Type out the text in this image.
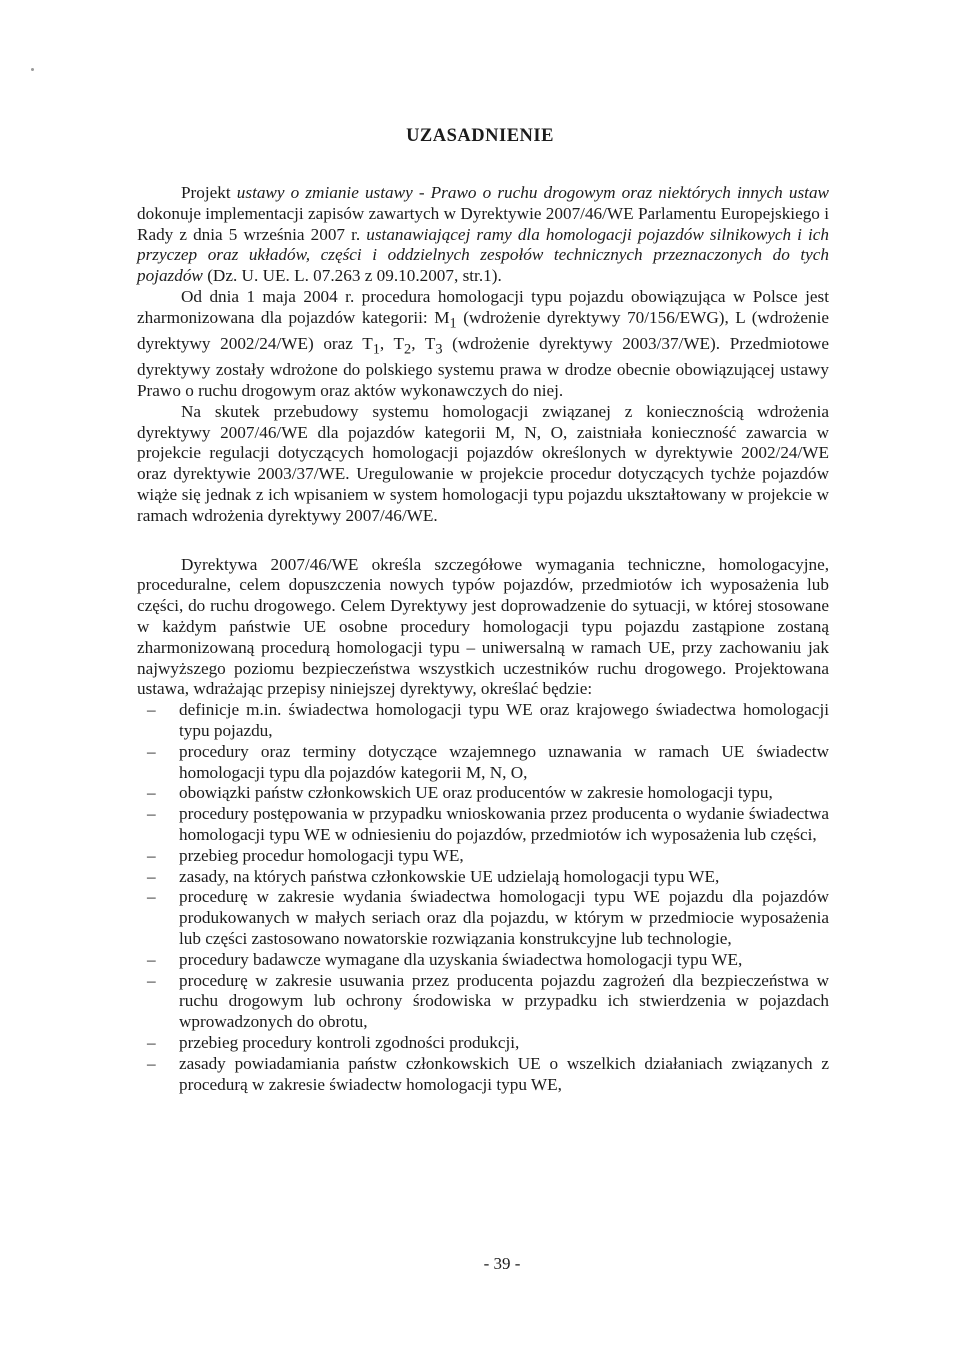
UZASADNIENIE

Projekt ustawy o zmianie ustawy - Prawo o ruchu drogowym oraz niektórych innych ustaw dokonuje implementacji zapisów zawartych w Dyrektywie 2007/46/WE Parlamentu Europejskiego i Rady z dnia 5 września 2007 r. ustanawiającej ramy dla homologacji pojazdów silnikowych i ich przyczep oraz układów, części i oddzielnych zespołów technicznych przeznaczonych do tych pojazdów (Dz. U. UE. L. 07.263 z 09.10.2007, str.1).

Od dnia 1 maja 2004 r. procedura homologacji typu pojazdu obowiązująca w Polsce jest zharmonizowana dla pojazdów kategorii: $M_1$ (wdrożenie dyrektywy 70/156/EWG), L (wdrożenie dyrektywy 2002/24/WE) oraz $T_1$, $T_2$, $T_3$ (wdrożenie dyrektywy 2003/37/WE). Przedmiotowe dyrektywy zostały wdrożone do polskiego systemu prawa w drodze obecnie obowiązującej ustawy Prawo o ruchu drogowym oraz aktów wykonawczych do niej.

Na skutek przebudowy systemu homologacji związanej z koniecznością wdrożenia dyrektywy 2007/46/WE dla pojazdów kategorii M, N, O, zaistniała konieczność zawarcia w projekcie regulacji dotyczących homologacji pojazdów określonych w dyrektywie 2002/24/WE oraz dyrektywie 2003/37/WE. Uregulowanie w projekcie procedur dotyczących tychże pojazdów wiąże się jednak z ich wpisaniem w system homologacji typu pojazdu ukształtowany w projekcie w ramach wdrożenia dyrektywy 2007/46/WE.

Dyrektywa 2007/46/WE określa szczegółowe wymagania techniczne, homologacyjne, proceduralne, celem dopuszczenia nowych typów pojazdów, przedmiotów ich wyposażenia lub części, do ruchu drogowego. Celem Dyrektywy jest doprowadzenie do sytuacji, w której stosowane w każdym państwie UE osobne procedury homologacji typu pojazdu zastąpione zostaną zharmonizowaną procedurą homologacji typu – uniwersalną w ramach UE, przy zachowaniu jak najwyższego poziomu bezpieczeństwa wszystkich uczestników ruchu drogowego. Projektowana ustawa, wdrażając przepisy niniejszej dyrektywy, określać będzie:

– definicje m.in. świadectwa homologacji typu WE oraz krajowego świadectwa homologacji typu pojazdu,
– procedury oraz terminy dotyczące wzajemnego uznawania w ramach UE świadectw homologacji typu dla pojazdów kategorii M, N, O,
– obowiązki państw członkowskich UE oraz producentów w zakresie homologacji typu,
– procedury postępowania w przypadku wnioskowania przez producenta o wydanie świadectwa homologacji typu WE w odniesieniu do pojazdów, przedmiotów ich wyposażenia lub części,
– przebieg procedur homologacji typu WE,
– zasady, na których państwa członkowskie UE udzielają homologacji typu WE,
– procedurę w zakresie wydania świadectwa homologacji typu WE pojazdu dla pojazdów produkowanych w małych seriach oraz dla pojazdu, w którym w przedmiocie wyposażenia lub części zastosowano nowatorskie rozwiązania konstrukcyjne lub technologie,
– procedury badawcze wymagane dla uzyskania świadectwa homologacji typu WE,
– procedurę w zakresie usuwania przez producenta pojazdu zagrożeń dla bezpieczeństwa w ruchu drogowym lub ochrony środowiska w przypadku ich stwierdzenia w pojazdach wprowadzonych do obrotu,
– przebieg procedury kontroli zgodności produkcji,
– zasady powiadamiania państw członkowskich UE o wszelkich działaniach związanych z procedurą w zakresie świadectw homologacji typu WE,

- 39 -
